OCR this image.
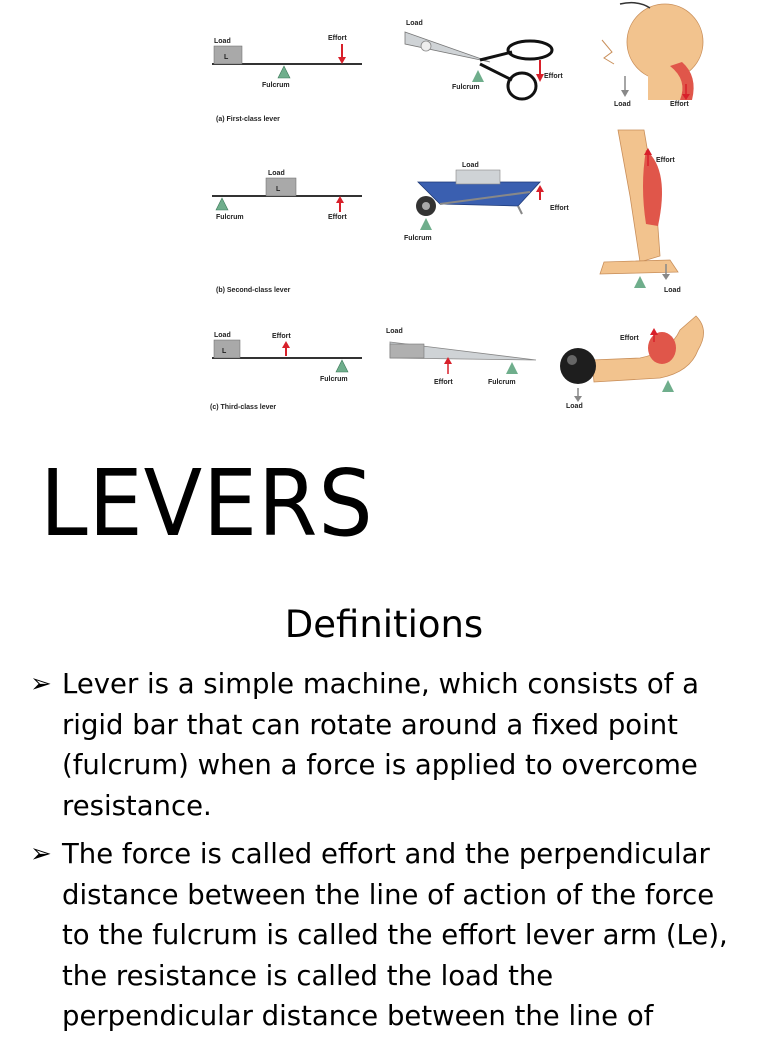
L
Load
Fulcrum
Effort
(a) First-class lever
Load
Fulcrum
Effort
Load	Effort
L
Load
Fulcrum	Effort
(b) Second-class lever
Load
Fulcrum
Effort
Effort
Load
L
Load	Effort
Fulcrum
(c) Third-class lever
Load
Effort	Fulcrum
Effort
Load
LEVERS
Definitions
➢ Lever is a simple machine, which consists of a rigid bar that can rotate around a fixed point (fulcrum) when a force is applied to overcome resistance.
➢ The force is called effort and the perpendicular distance between the line of action of the force to the fulcrum is called the effort lever arm (Le), the resistance is called the load the perpendicular distance between the line of
